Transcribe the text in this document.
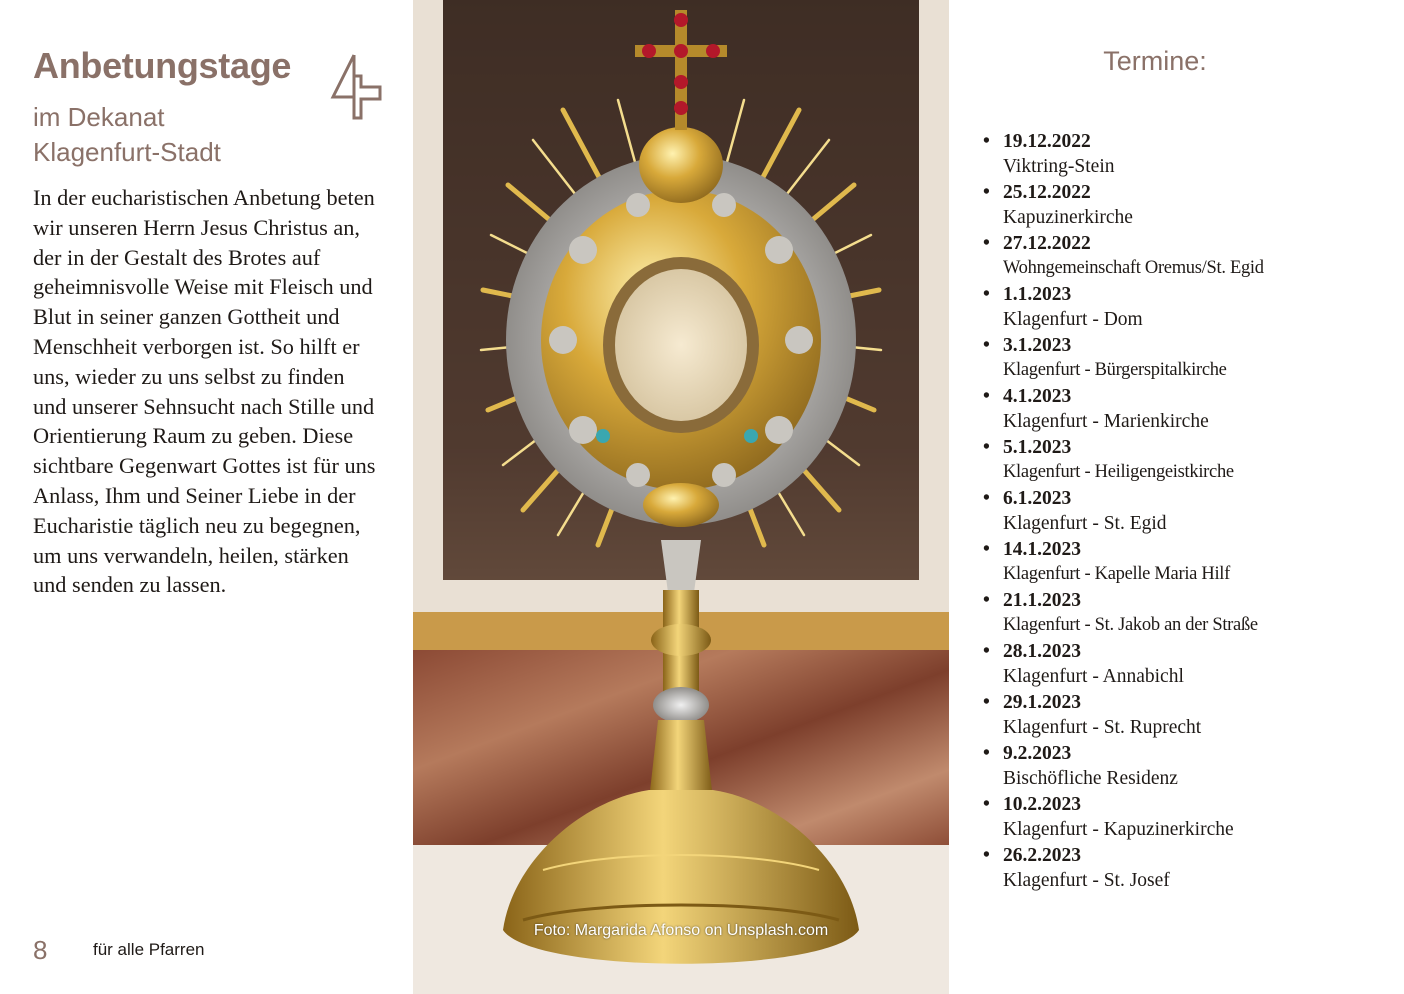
Anbetungstage
im Dekanat
Klagenfurt-Stadt
In der eucharistischen Anbetung beten wir unseren Herrn Jesus Christus an, der in der Gestalt des Brotes auf geheimnisvolle Weise mit Fleisch und Blut in seiner ganzen Gottheit und Menschheit verborgen ist. So hilft er uns, wieder zu uns selbst zu finden und unserer Sehnsucht nach Stille und Orientierung Raum zu geben. Diese sichtbare Gegenwart Gottes ist für uns Anlass, Ihm und Seiner Liebe in der Eucharistie täglich neu zu begegnen, um uns verwandeln, heilen, stärken und senden zu lassen.
8	für alle Pfarren
Foto: Margarida Afonso on Unsplash.com
Termine:
• 19.12.2022
Viktring-Stein
• 25.12.2022
Kapuzinerkirche
• 27.12.2022
Wohngemeinschaft Oremus/St. Egid
• 1.1.2023
Klagenfurt - Dom
• 3.1.2023
Klagenfurt - Bürgerspitalkirche
• 4.1.2023
Klagenfurt - Marienkirche
• 5.1.2023
Klagenfurt - Heiligengeistkirche
• 6.1.2023
Klagenfurt - St. Egid
• 14.1.2023
Klagenfurt - Kapelle Maria Hilf
• 21.1.2023
Klagenfurt - St. Jakob an der Straße
• 28.1.2023
Klagenfurt - Annabichl
• 29.1.2023
Klagenfurt - St. Ruprecht
• 9.2.2023
Bischöfliche Residenz
• 10.2.2023
Klagenfurt - Kapuzinerkirche
• 26.2.2023
Klagenfurt - St. Josef
